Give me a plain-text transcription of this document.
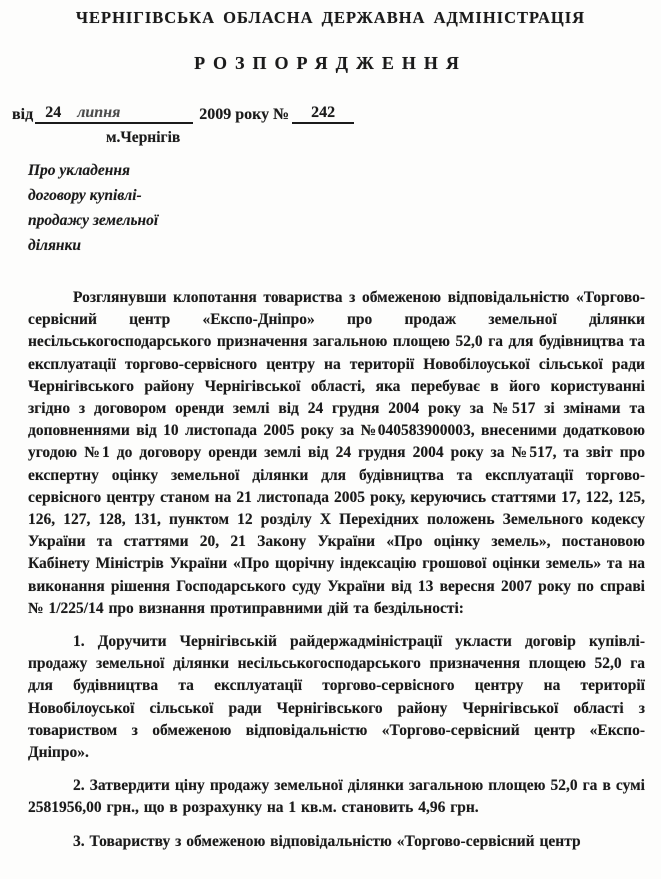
ЧЕРНІГІВСЬКА ОБЛАСНА ДЕРЖАВНА АДМІНІСТРАЦІЯ
РОЗПОРЯДЖЕННЯ
від 24 липня	2009 року № 242
м.Чернігів
Про укладення
договору купівлі-
продажу земельної
ділянки

Розглянувши клопотання товариства з обмеженою відповідальністю «Торгово-сервісний центр «Експо-Дніпро» про продаж земельної ділянки несільськогосподарського призначення загальною площею 52,0 га для будівництва та експлуатації торгово-сервісного центру на території Новобілоуської сільської ради Чернігівського району Чернігівської області, яка перебуває в його користуванні згідно з договором оренди землі від 24 грудня 2004 року за №517 зі змінами та доповненнями від 10 листопада 2005 року за №040583900003, внесеними додатковою угодою №1 до договору оренди землі від 24 грудня 2004 року за №517, та звіт про експертну оцінку земельної ділянки для будівництва та експлуатації торгово-сервісного центру станом на 21 листопада 2005 року, керуючись статтями 17, 122, 125, 126, 127, 128, 131, пунктом 12 розділу X Перехідних положень Земельного кодексу України та статтями 20, 21 Закону України «Про оцінку земель», постановою Кабінету Міністрів України «Про щорічну індексацію грошової оцінки земель» та на виконання рішення Господарського суду України від 13 вересня 2007 року по справі № 1/225/14 про визнання протиправними дій та бездільності:

1. Доручити Чернігівській райдержадміністрації укласти договір купівлі-продажу земельної ділянки несільськогосподарського призначення площею 52,0 га для будівництва та експлуатації торгово-сервісного центру на території Новобілоуської сільської ради Чернігівського району Чернігівської області з товариством з обмеженою відповідальністю «Торгово-сервісний центр «Експо-Дніпро».

2. Затвердити ціну продажу земельної ділянки загальною площею 52,0 га в сумі 2581956,00 грн., що в розрахунку на 1 кв.м. становить 4,96 грн.

3. Товариству з обмеженою відповідальністю «Торгово-сервісний центр
